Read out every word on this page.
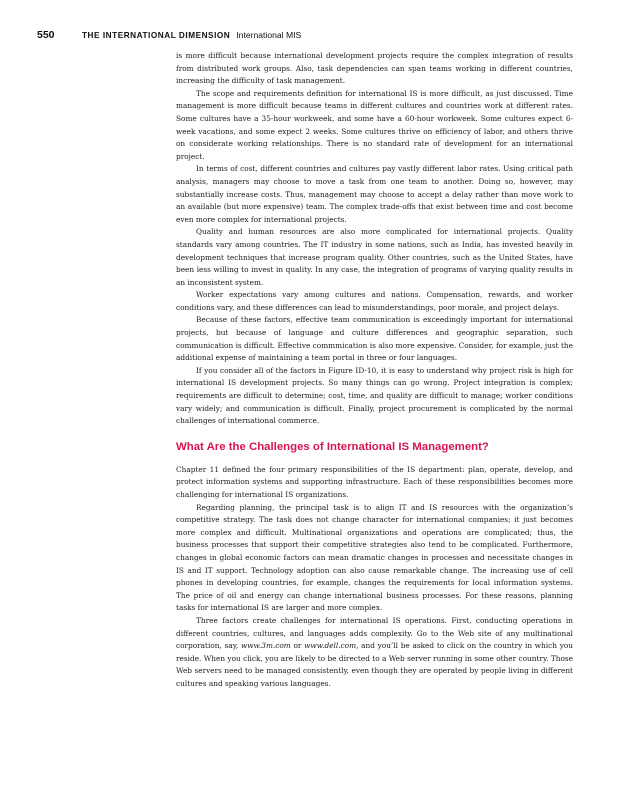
550	THE INTERNATIONAL DIMENSION International MIS

is more difficult because international development projects require the complex integration of results from distributed work groups. Also, task dependencies can span teams working in different countries, increasing the difficulty of task management.

The scope and requirements definition for international IS is more difficult, as just discussed. Time management is more difficult because teams in different cultures and countries work at different rates. Some cultures have a 35-hour workweek, and some have a 60-hour workweek. Some cultures expect 6-week vacations, and some expect 2 weeks. Some cultures thrive on efficiency of labor, and others thrive on considerate working relationships. There is no standard rate of development for an international project.

In terms of cost, different countries and cultures pay vastly different labor rates. Using critical path analysis, managers may choose to move a task from one team to another. Doing so, however, may substantially increase costs. Thus, management may choose to accept a delay rather than move work to an available (but more expensive) team. The complex trade-offs that exist between time and cost become even more complex for international projects.

Quality and human resources are also more complicated for international projects. Quality standards vary among countries. The IT industry in some nations, such as India, has invested heavily in development techniques that increase program quality. Other countries, such as the United States, have been less willing to invest in quality. In any case, the integration of programs of varying quality results in an inconsistent system.

Worker expectations vary among cultures and nations. Compensation, rewards, and worker conditions vary, and these differences can lead to misunderstandings, poor morale, and project delays.

Because of these factors, effective team communication is exceedingly important for international projects, but because of language and culture differences and geographic separation, such communication is difficult. Effective commmication is also more expensive. Consider, for example, just the additional expense of maintaining a team portal in three or four languages.

If you consider all of the factors in Figure ID-10, it is easy to understand why project risk is high for international IS development projects. So many things can go wrong. Project integration is complex; requirements are difficult to determine; cost, time, and quality are difficult to manage; worker conditions vary widely; and communication is difficult. Finally, project procurement is complicated by the normal challenges of international commerce.

What Are the Challenges of International IS Management?

Chapter 11 defined the four primary responsibilities of the IS department: plan, operate, develop, and protect information systems and supporting infrastructure. Each of these responsibilities becomes more challenging for international IS organizations.

Regarding planning, the principal task is to align IT and IS resources with the organization’s competitive strategy. The task does not change character for international companies; it just becomes more complex and difficult. Multinational organizations and operations are complicated; thus, the business processes that support their competitive strategies also tend to be complicated. Furthermore, changes in global economic factors can mean dramatic changes in processes and necessitate changes in IS and IT support. Technology adoption can also cause remarkable change. The increasing use of cell phones in developing countries, for example, changes the requirements for local information systems. The price of oil and energy can change international business processes. For these reasons, planning tasks for international IS are larger and more complex.

Three factors create challenges for international IS operations. First, conducting operations in different countries, cultures, and languages adds complexity. Go to the Web site of any multinational corporation, say, www.3m.com or www.dell.com, and you’ll be asked to click on the country in which you reside. When you click, you are likely to be directed to a Web server running in some other country. Those Web servers need to be managed consistently, even though they are operated by people living in different cultures and speaking various languages.
